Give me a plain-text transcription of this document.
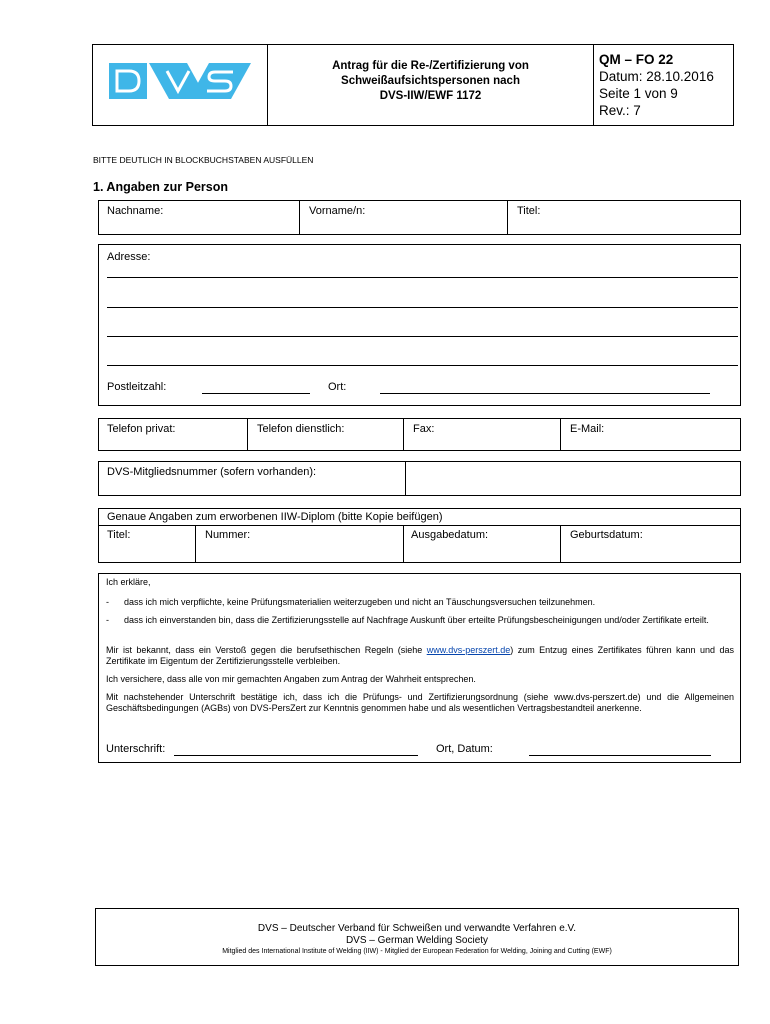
Antrag für die Re-/Zertifizierung von
Schweißaufsichtspersonen nach
DVS-IIW/EWF 1172
QM – FO 22
Datum: 28.10.2016
Seite 1 von 9
Rev.: 7
BITTE DEUTLICH IN BLOCKBUCHSTABEN AUSFÜLLEN
1. Angaben zur Person
Nachname:	Vorname/n:	Titel:
Adresse:
Postleitzahl:	Ort:
Telefon privat:	Telefon dienstlich:	Fax:	E-Mail:
DVS-Mitgliedsnummer (sofern vorhanden):
Genaue Angaben zum erworbenen IIW-Diplom (bitte Kopie beifügen)
Titel:	Nummer:	Ausgabedatum:	Geburtsdatum:
Ich erkläre,
- dass ich mich verpflichte, keine Prüfungsmaterialien weiterzugeben und nicht an Täuschungsversuchen teilzunehmen.
-	dass ich einverstanden bin, dass die Zertifizierungsstelle auf Nachfrage Auskunft über erteilte Prüfungsbescheinigungen und/oder Zertifikate erteilt.
Mir ist bekannt, dass ein Verstoß gegen die berufsethischen Regeln (siehe www.dvs-perszert.de) zum Entzug eines Zertifikates führen kann und das Zertifikate im Eigentum der Zertifizierungsstelle verbleiben.
Ich versichere, dass alle von mir gemachten Angaben zum Antrag der Wahrheit entsprechen.
Mit nachstehender Unterschrift bestätige ich, dass ich die Prüfungs- und Zertifizierungsordnung (siehe www.dvs-perszert.de) und die Allgemeinen Geschäftsbedingungen (AGBs) von DVS-PersZert zur Kenntnis genommen habe und als wesentlichen Vertragsbestandteil anerkenne.
Unterschrift:	Ort, Datum:
DVS – Deutscher Verband für Schweißen und verwandte Verfahren e.V.
DVS – German Welding Society
Mitglied des International Institute of Welding (IIW) - Mitglied der European Federation for Welding, Joining and Cutting (EWF)
